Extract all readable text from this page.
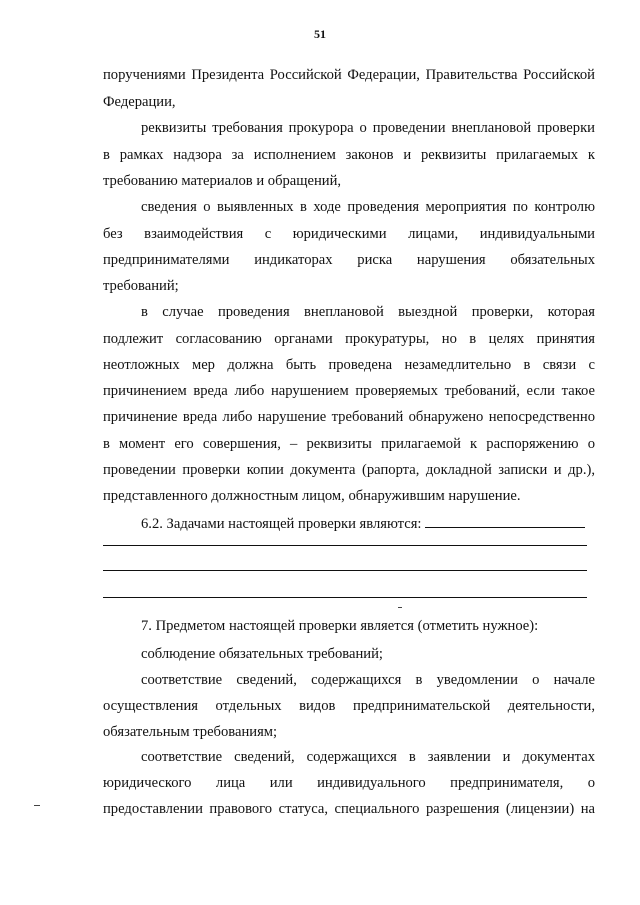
51
поручениями Президента Российской Федерации, Правительства Российской
Федерации,
реквизиты требования прокурора о проведении внеплановой проверки
в рамках надзора за исполнением законов и реквизиты прилагаемых к
требованию материалов и обращений,
сведения о выявленных в ходе проведения мероприятия по контролю
без взаимодействия с юридическими лицами, индивидуальными
предпринимателями индикаторах риска нарушения обязательных
требований;
в случае проведения внеплановой выездной проверки, которая
подлежит согласованию органами прокуратуры, но в целях принятия
неотложных мер должна быть проведена незамедлительно в связи с
причинением вреда либо нарушением проверяемых требований, если такое
причинение вреда либо нарушение требований обнаружено непосредственно
в момент его совершения, – реквизиты прилагаемой к распоряжению о
проведении проверки копии документа (рапорта, докладной записки и др.),
представленного должностным лицом, обнаружившим нарушение.
6.2. Задачами настоящей проверки являются:
7. Предметом настоящей проверки является (отметить нужное):
соблюдение обязательных требований;
соответствие сведений, содержащихся в уведомлении о начале
осуществления отдельных видов предпринимательской деятельности,
обязательным требованиям;
соответствие сведений, содержащихся в заявлении и документах
юридического лица или индивидуального предпринимателя, о
предоставлении правового статуса, специального разрешения (лицензии) на
